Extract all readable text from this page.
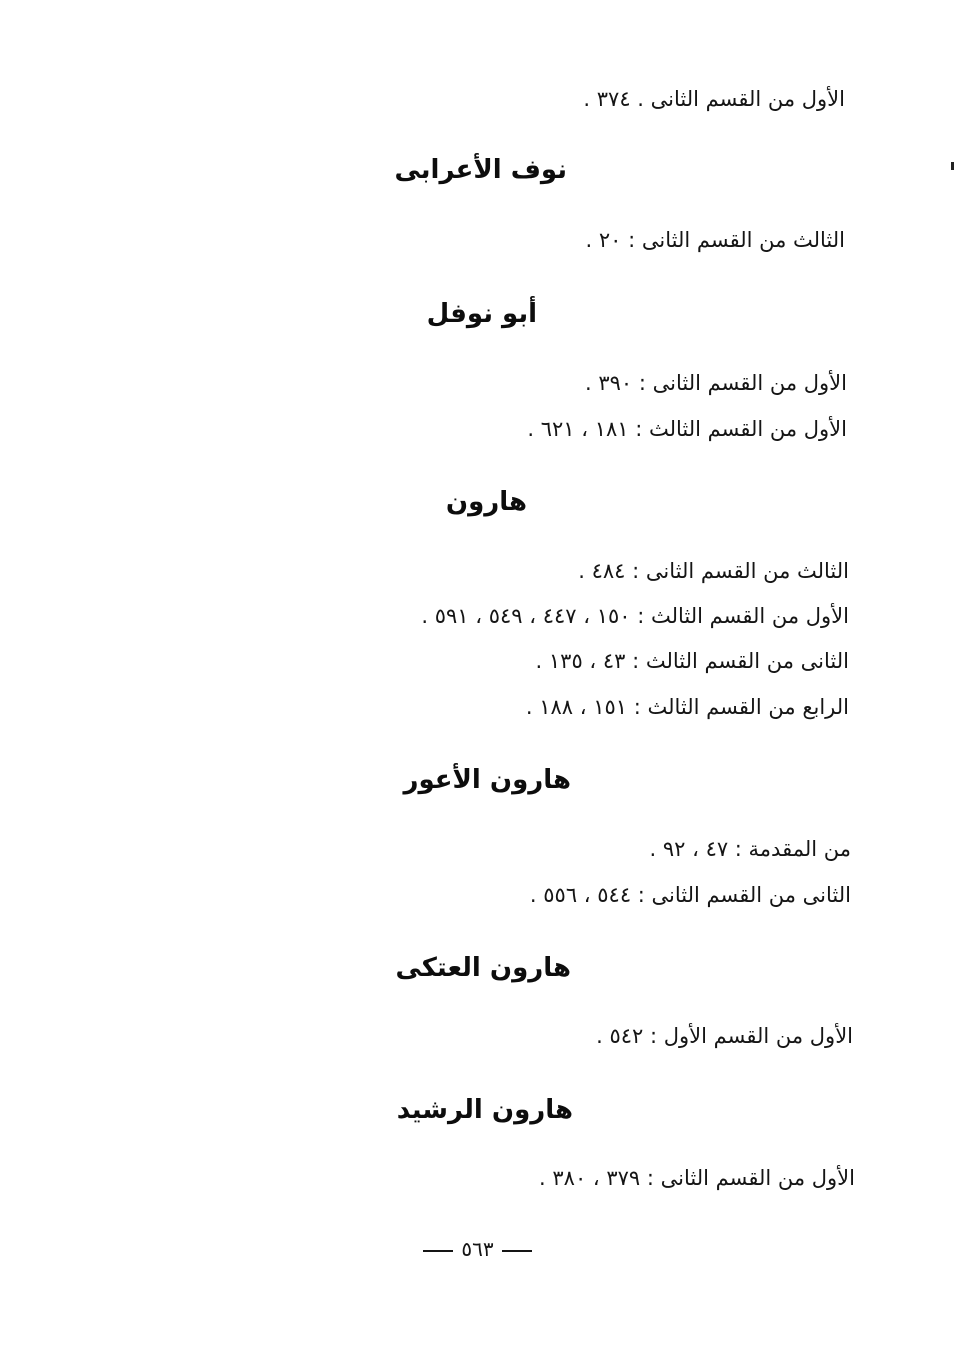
الأول من القسم الثانى . ٣٧٤ .
نوف الأعرابى
الثالث من القسم الثانى : ٢٠ .
أبو نوفل
الأول من القسم الثانى : ٣٩٠ .
الأول من القسم الثالث : ١٨١ ، ٦٢١ .
هارون
الثالث من القسم الثانى : ٤٨٤ .
الأول من القسم الثالث : ١٥٠ ، ٤٤٧ ، ٥٤٩ ، ٥٩١ .
الثانى من القسم الثالث : ٤٣ ، ١٣٥ .
الرابع من القسم الثالث : ١٥١ ، ١٨٨ .
هارون الأعور
من المقدمة : ٤٧ ، ٩٢ .
الثانى من القسم الثانى : ٥٤٤ ، ٥٥٦ .
هارون العتكى
الأول من القسم الأول : ٥٤٢ .
هارون الرشيد
الأول من القسم الثانى : ٣٧٩ ، ٣٨٠ .
٥٦٣
